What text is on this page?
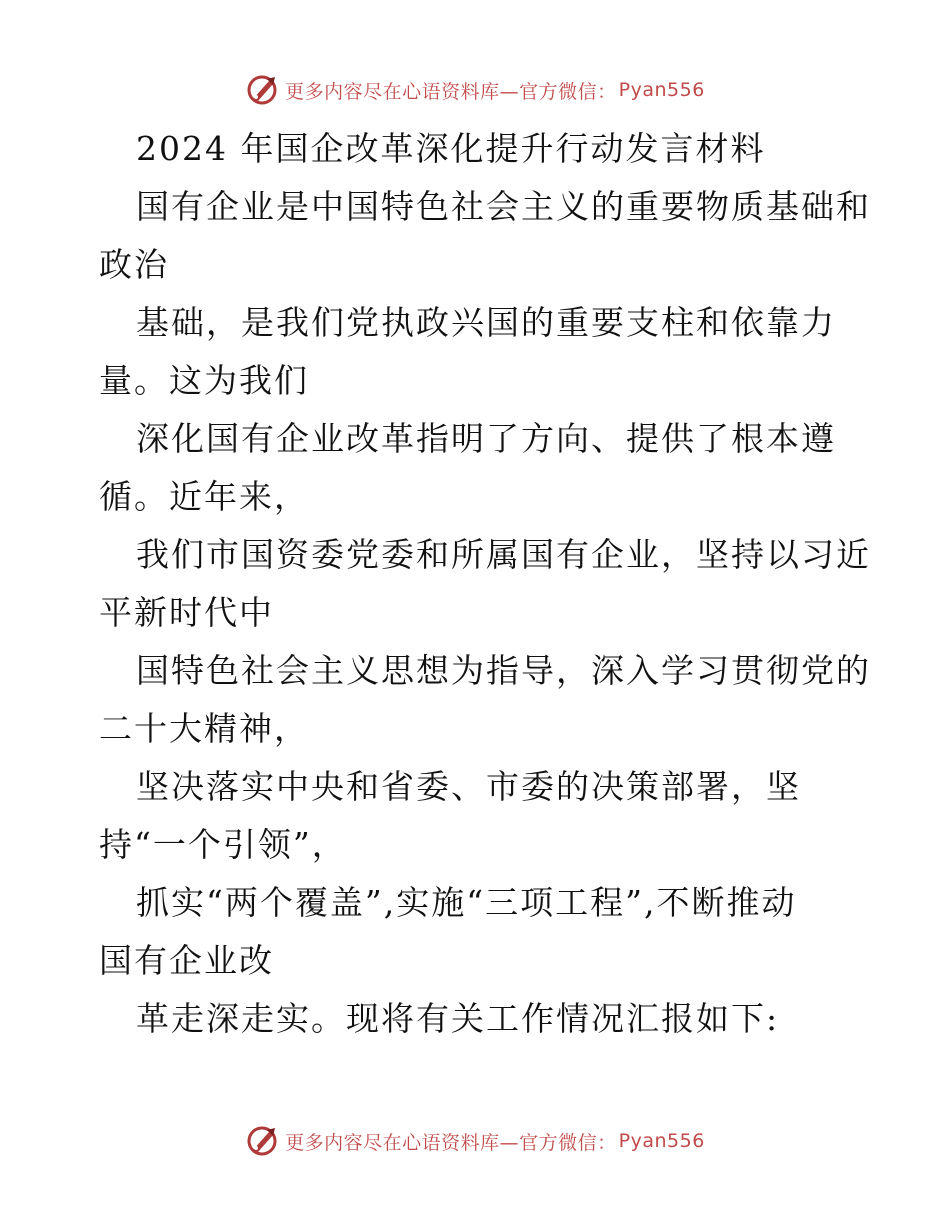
更多内容尽在心语资料库—官方微信： Pyan556
2024 年国企改革深化提升行动发言材料
国有企业是中国特色社会主义的重要物质基础和
政治
基础，是我们党执政兴国的重要支柱和依靠力
量。这为我们
深化国有企业改革指明了方向、提供了根本遵
循。近年来，
我们市国资委党委和所属国有企业，坚持以习近
平新时代中
国特色社会主义思想为指导，深入学习贯彻党的
二十大精神，
坚决落实中央和省委、市委的决策部署，坚
持“一个引领”，
抓实“两个覆盖”,实施“三项工程”,不断推动
国有企业改
革走深走实。现将有关工作情况汇报如下:
更多内容尽在心语资料库—官方微信： Pyan556
